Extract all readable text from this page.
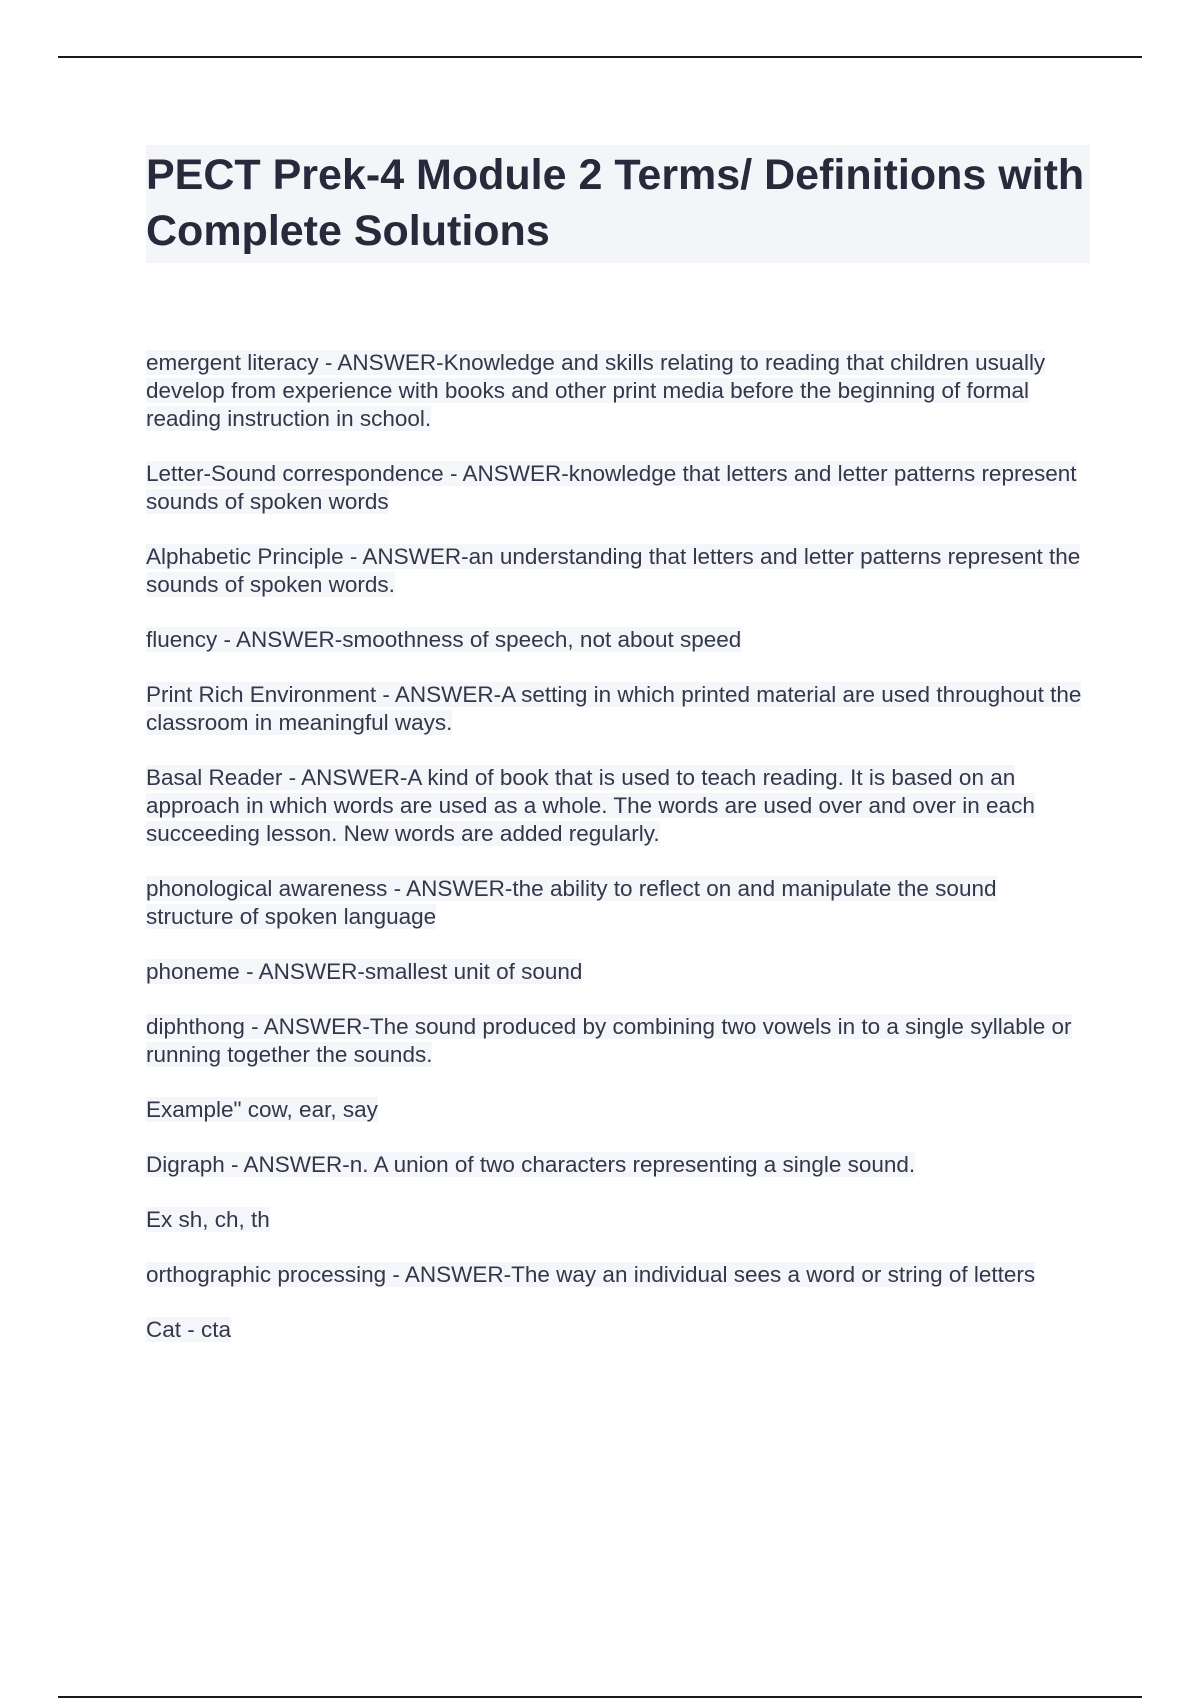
PECT Prek-4 Module 2 Terms/ Definitions with Complete Solutions

emergent literacy - ANSWER-Knowledge and skills relating to reading that children usually develop from experience with books and other print media before the beginning of formal reading instruction in school.

Letter-Sound correspondence - ANSWER-knowledge that letters and letter patterns represent sounds of spoken words

Alphabetic Principle - ANSWER-an understanding that letters and letter patterns represent the sounds of spoken words.

fluency - ANSWER-smoothness of speech, not about speed

Print Rich Environment - ANSWER-A setting in which printed material are used throughout the classroom in meaningful ways.

Basal Reader - ANSWER-A kind of book that is used to teach reading. It is based on an approach in which words are used as a whole. The words are used over and over in each succeeding lesson. New words are added regularly.

phonological awareness - ANSWER-the ability to reflect on and manipulate the sound structure of spoken language

phoneme - ANSWER-smallest unit of sound

diphthong - ANSWER-The sound produced by combining two vowels in to a single syllable or running together the sounds.

Example" cow, ear, say

Digraph - ANSWER-n. A union of two characters representing a single sound.

Ex sh, ch, th

orthographic processing - ANSWER-The way an individual sees a word or string of letters

Cat - cta
